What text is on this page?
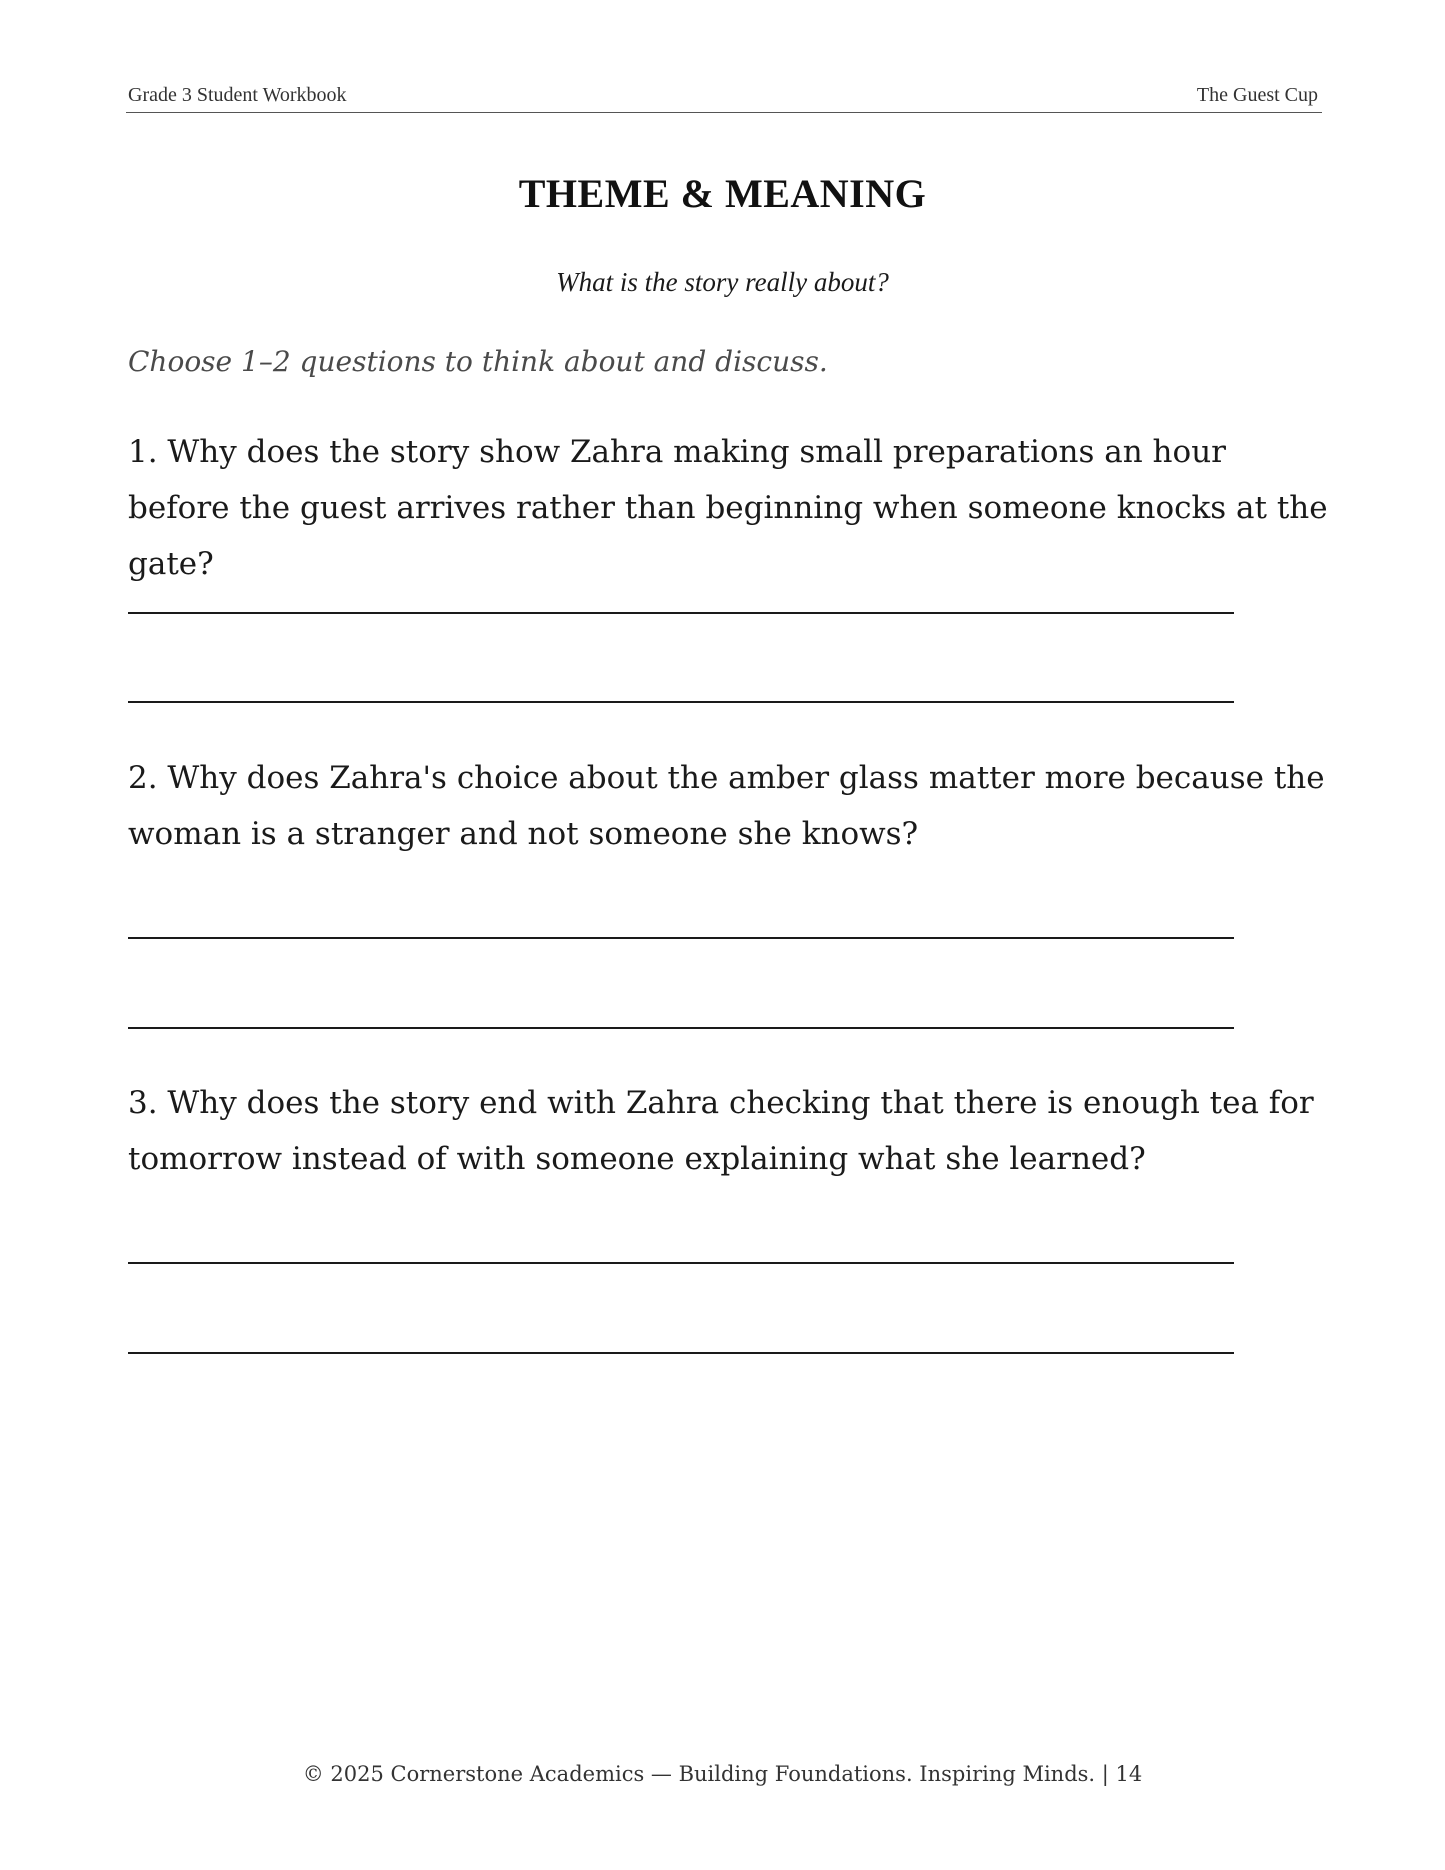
Grade 3 Student Workbook	The Guest Cup
THEME & MEANING
What is the story really about?
Choose 1–2 questions to think about and discuss.
1. Why does the story show Zahra making small preparations an hour before the guest arrives rather than beginning when someone knocks at the gate?
2. Why does Zahra's choice about the amber glass matter more because the woman is a stranger and not someone she knows?
3. Why does the story end with Zahra checking that there is enough tea for tomorrow instead of with someone explaining what she learned?
© 2025 Cornerstone Academics — Building Foundations. Inspiring Minds. | 14
